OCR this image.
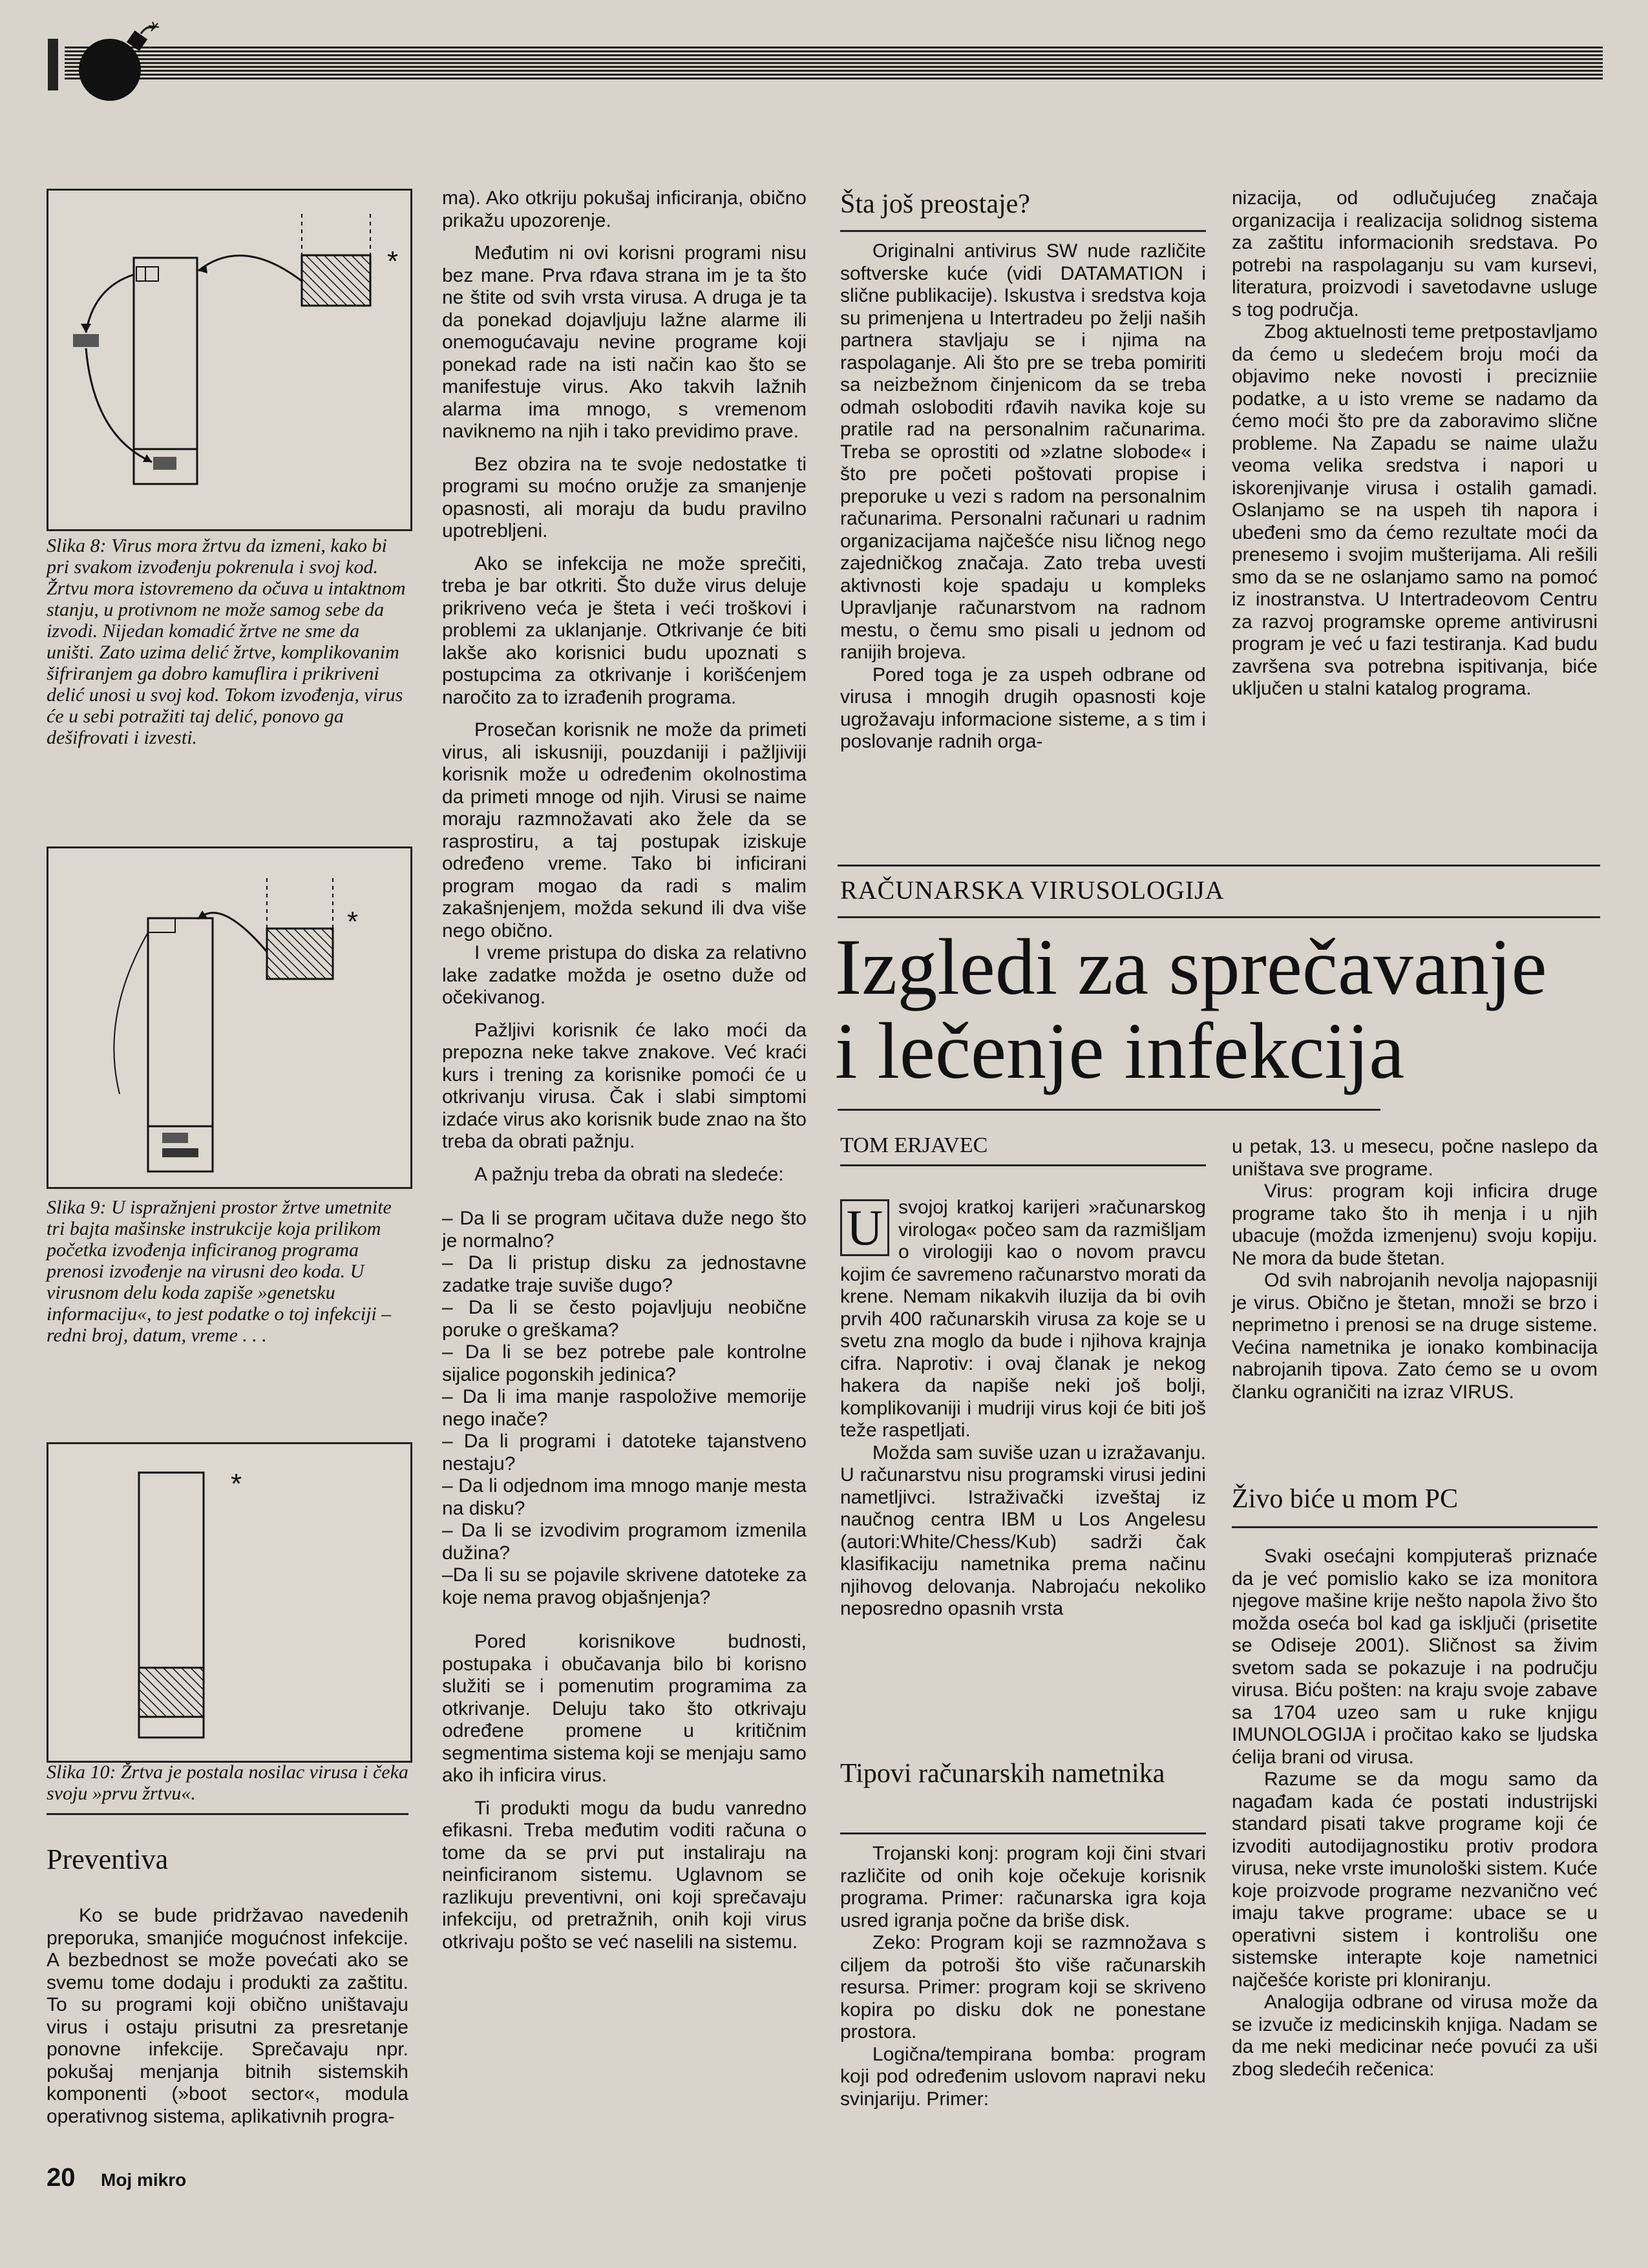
*
Slika 8: Virus mora žrtvu da izmeni, kako bi pri svakom izvođenju pokrenula i svoj kod. Žrtvu mora istovremeno da očuva u intaktnom stanju, u protivnom ne može samog sebe da izvodi. Nijedan komadić žrtve ne sme da uništi. Zato uzima delić žrtve, komplikovanim šifriranjem ga dobro kamuflira i prikriveni delić unosi u svoj kod. Tokom izvođenja, virus će u sebi potražiti taj delić, ponovo ga dešifrovati i izvesti.
*
Slika 9: U ispražnjeni prostor žrtve umetnite tri bajta mašinske instrukcije koja prilikom početka izvođenja inficiranog programa prenosi izvođenje na virusni deo koda. U virusnom delu koda zapiše »genetsku informaciju«, to jest podatke o toj infekciji – redni broj, datum, vreme . . .
*
Slika 10: Žrtva je postala nosilac virusa i čeka svoju »prvu žrtvu«.
Preventiva

Ko se bude pridržavao navedenih preporuka, smanjiće mogućnost infekcije. A bezbednost se može povećati ako se svemu tome dodaju i produkti za zaštitu. To su programi koji obično uništavaju virus i ostaju prisutni za presretanje ponovne infekcije. Sprečavaju npr. pokušaj menjanja bitnih sistemskih komponenti (»boot sector«, modula operativnog sistema, aplikativnih progra-

20 Moj mikro

ma). Ako otkriju pokušaj inficiranja, obično prikažu upozorenje.

Međutim ni ovi korisni programi nisu bez mane. Prva rđava strana im je ta što ne štite od svih vrsta virusa. A druga je ta da ponekad dojavljuju lažne alarme ili onemogućavaju nevine programe koji ponekad rade na isti način kao što se manifestuje virus. Ako takvih lažnih alarma ima mnogo, s vremenom naviknemo na njih i tako previdimo prave.

Bez obzira na te svoje nedostatke ti programi su moćno oružje za smanjenje opasnosti, ali moraju da budu pravilno upotrebljeni.

Ako se infekcija ne može sprečiti, treba je bar otkriti. Što duže virus deluje prikriveno veća je šteta i veći troškovi i problemi za uklanjanje. Otkrivanje će biti lakše ako korisnici budu upoznati s postupcima za otkrivanje i korišćenjem naročito za to izrađenih programa.

Prosečan korisnik ne može da primeti virus, ali iskusniji, pouzdaniji i pažljiviji korisnik može u određenim okolnostima da primeti mnoge od njih. Virusi se naime moraju razmnožavati ako žele da se rasprostiru, a taj postupak iziskuje određeno vreme. Tako bi inficirani program mogao da radi s malim zakašnjenjem, možda sekund ili dva više nego obično.

I vreme pristupa do diska za relativno lake zadatke možda je osetno duže od očekivanog.

Pažljivi korisnik će lako moći da prepozna neke takve znakove. Već kraći kurs i trening za korisnike pomoći će u otkrivanju virusa. Čak i slabi simptomi izdaće virus ako korisnik bude znao na što treba da obrati pažnju.

A pažnju treba da obrati na sledeće:

– Da li se program učitava duže nego što je normalno?

– Da li pristup disku za jednostavne zadatke traje suviše dugo?

– Da li se često pojavljuju neobične poruke o greškama?

– Da li se bez potrebe pale kontrolne sijalice pogonskih jedinica?

– Da li ima manje raspoložive memorije nego inače?

– Da li programi i datoteke tajanstveno nestaju?

– Da li odjednom ima mnogo manje mesta na disku?

– Da li se izvodivim programom izmenila dužina?

–Da li su se pojavile skrivene datoteke za koje nema pravog objašnjenja?

Pored korisnikove budnosti, postupaka i obučavanja bilo bi korisno služiti se i pomenutim programima za otkrivanje. Deluju tako što otkrivaju određene promene u kritičnim segmentima sistema koji se menjaju samo ako ih inficira virus.

Ti produkti mogu da budu vanredno efikasni. Treba međutim voditi računa o tome da se prvi put instaliraju na neinficiranom sistemu. Uglavnom se razlikuju preventivni, oni koji sprečavaju infekciju, od pretražnih, onih koji virus otkrivaju pošto se već naselili na sistemu.

Šta još preostaje?

Originalni antivirus SW nude različite softverske kuće (vidi DATAMATION i slične publikacije). Iskustva i sredstva koja su primenjena u Intertradeu po želji naših partnera stavljaju se i njima na raspolaganje. Ali što pre se treba pomiriti sa neizbežnom činjenicom da se treba odmah osloboditi rđavih navika koje su pratile rad na personalnim računarima. Treba se oprostiti od »zlatne slobode« i što pre početi poštovati propise i preporuke u vezi s radom na personalnim računarima. Personalni računari u radnim organizacijama najčešće nisu ličnog nego zajedničkog značaja. Zato treba uvesti aktivnosti koje spadaju u kompleks Upravljanje računarstvom na radnom mestu, o čemu smo pisali u jednom od ranijih brojeva.

Pored toga je za uspeh odbrane od virusa i mnogih drugih opasnosti koje ugrožavaju informacione sisteme, a s tim i poslovanje radnih orga-

nizacija, od odlučujućeg značaja organizacija i realizacija solidnog sistema za zaštitu informacionih sredstava. Po potrebi na raspolaganju su vam kursevi, literatura, proizvodi i savetodavne usluge s tog područja.

Zbog aktuelnosti teme pretpostavljamo da ćemo u sledećem broju moći da objavimo neke novosti i precizniie podatke, a u isto vreme se nadamo da ćemo moći što pre da zaboravimo slične probleme. Na Zapadu se naime ulažu veoma velika sredstva i napori u iskorenjivanje virusa i ostalih gamadi. Oslanjamo se na uspeh tih napora i ubeđeni smo da ćemo rezultate moći da prenesemo i svojim mušterijama. Ali rešili smo da se ne oslanjamo samo na pomoć iz inostranstva. U Intertradeovom Centru za razvoj programske opreme antivirusni program je već u fazi testiranja. Kad budu završena sva potrebna ispitivanja, biće uključen u stalni katalog programa.

RAČUNARSKA VIRUSOLOGIJA
Izgledi za sprečavanje
i lečenje infekcija
TOM ERJAVEC
U svojoj kratkoj karijeri »računarskog virologa« počeo sam da razmišljam o virologiji kao o novom pravcu kojim će savremeno računarstvo morati da krene. Nemam nikakvih iluzija da bi ovih prvih 400 računarskih virusa za koje se u svetu zna moglo da bude i njihova krajnja cifra. Naprotiv: i ovaj članak je nekog hakera da napiše neki još bolji, komplikovaniji i mudriji virus koji će biti još teže raspetljati.

Možda sam suviše uzan u izražavanju. U računarstvu nisu programski virusi jedini nametljivci. Istraživački izveštaj iz naučnog centra IBM u Los Angelesu (autori:White/Chess/Kub) sadrži čak klasifikaciju nametnika prema načinu njihovog delovanja. Nabrojaću nekoliko neposredno opasnih vrsta

Tipovi računarskih nametnika

Trojanski konj: program koji čini stvari različite od onih koje očekuje korisnik programa. Primer: računarska igra koja usred igranja počne da briše disk.

Zeko: Program koji se razmnožava s ciljem da potroši što više računarskih resursa. Primer: program koji se skriveno kopira po disku dok ne ponestane prostora.

Logična/tempirana bomba: program koji pod određenim uslovom napravi neku svinjariju. Primer:

u petak, 13. u mesecu, počne naslepo da uništava sve programe.

Virus: program koji inficira druge programe tako što ih menja i u njih ubacuje (možda izmenjenu) svoju kopiju. Ne mora da bude štetan.

Od svih nabrojanih nevolja najopasniji je virus. Obično je štetan, množi se brzo i neprimetno i prenosi se na druge sisteme. Većina nametnika je ionako kombinacija nabrojanih tipova. Zato ćemo se u ovom članku ograničiti na izraz VIRUS.

Živo biće u mom PC

Svaki osećajni kompjuteraš priznaće da je već pomislio kako se iza monitora njegove mašine krije nešto napola živo što možda oseća bol kad ga isključi (prisetite se Odiseje 2001). Sličnost sa živim svetom sada se pokazuje i na području virusa. Biću pošten: na kraju svoje zabave sa 1704 uzeo sam u ruke knjigu IMUNOLOGIJA i pročitao kako se ljudska ćelija brani od virusa.

Razume se da mogu samo da nagađam kada će postati industrijski standard pisati takve programe koji će izvoditi autodijagnostiku protiv prodora virusa, neke vrste imunološki sistem. Kuće koje proizvode programe nezvanično već imaju takve programe: ubace se u operativni sistem i kontrolišu one sistemske interapte koje nametnici najčešće koriste pri kloniranju.

Analogija odbrane od virusa može da se izvuče iz medicinskih knjiga. Nadam se da me neki medicinar neće povući za uši zbog sledećih rečenica:
